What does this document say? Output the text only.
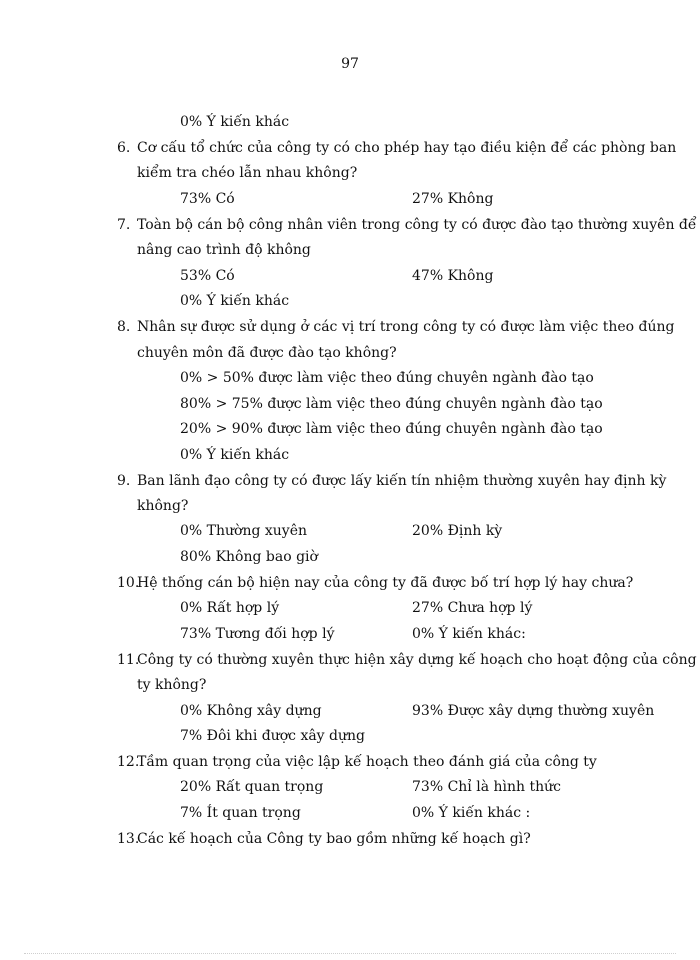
97
0% Ý kiến khác
6. Cơ cấu tổ chức của công ty có cho phép hay tạo điều kiện để các phòng ban
kiểm tra chéo lẫn nhau không?
73% Có	27% Không
7. Toàn bộ cán bộ công nhân viên trong công ty có được đào tạo thường xuyên để
nâng cao trình độ không
53% Có	47% Không
0% Ý kiến khác
8. Nhân sự được sử dụng ở các vị trí trong công ty có được làm việc theo đúng
chuyên môn đã được đào tạo không?
0% > 50% được làm việc theo đúng chuyên ngành đào tạo
80% > 75% được làm việc theo đúng chuyên ngành đào tạo
20% > 90% được làm việc theo đúng chuyên ngành đào tạo
0% Ý kiến khác
9. Ban lãnh đạo công ty có được lấy kiến tín nhiệm thường xuyên hay định kỳ
không?
0% Thường xuyên	20% Định kỳ
80% Không bao giờ
10.
Hệ thống cán bộ hiện nay của công ty đã được bố trí hợp lý hay chưa?
0% Rất hợp lý	27% Chưa hợp lý
73% Tương đối hợp lý	0% Ý kiến khác:
11.
Công ty có thường xuyên thực hiện xây dựng kế hoạch cho hoạt động của công
ty không?
0% Không xây dựng	93% Được xây dựng thường xuyên
7% Đôi khi được xây dựng
12.
Tầm quan trọng của việc lập kế hoạch theo đánh giá của công ty
20% Rất quan trọng	73% Chỉ là hình thức
7% Ít quan trọng	0% Ý kiến khác :
13.
Các kế hoạch của Công ty bao gồm những kế hoạch gì?
